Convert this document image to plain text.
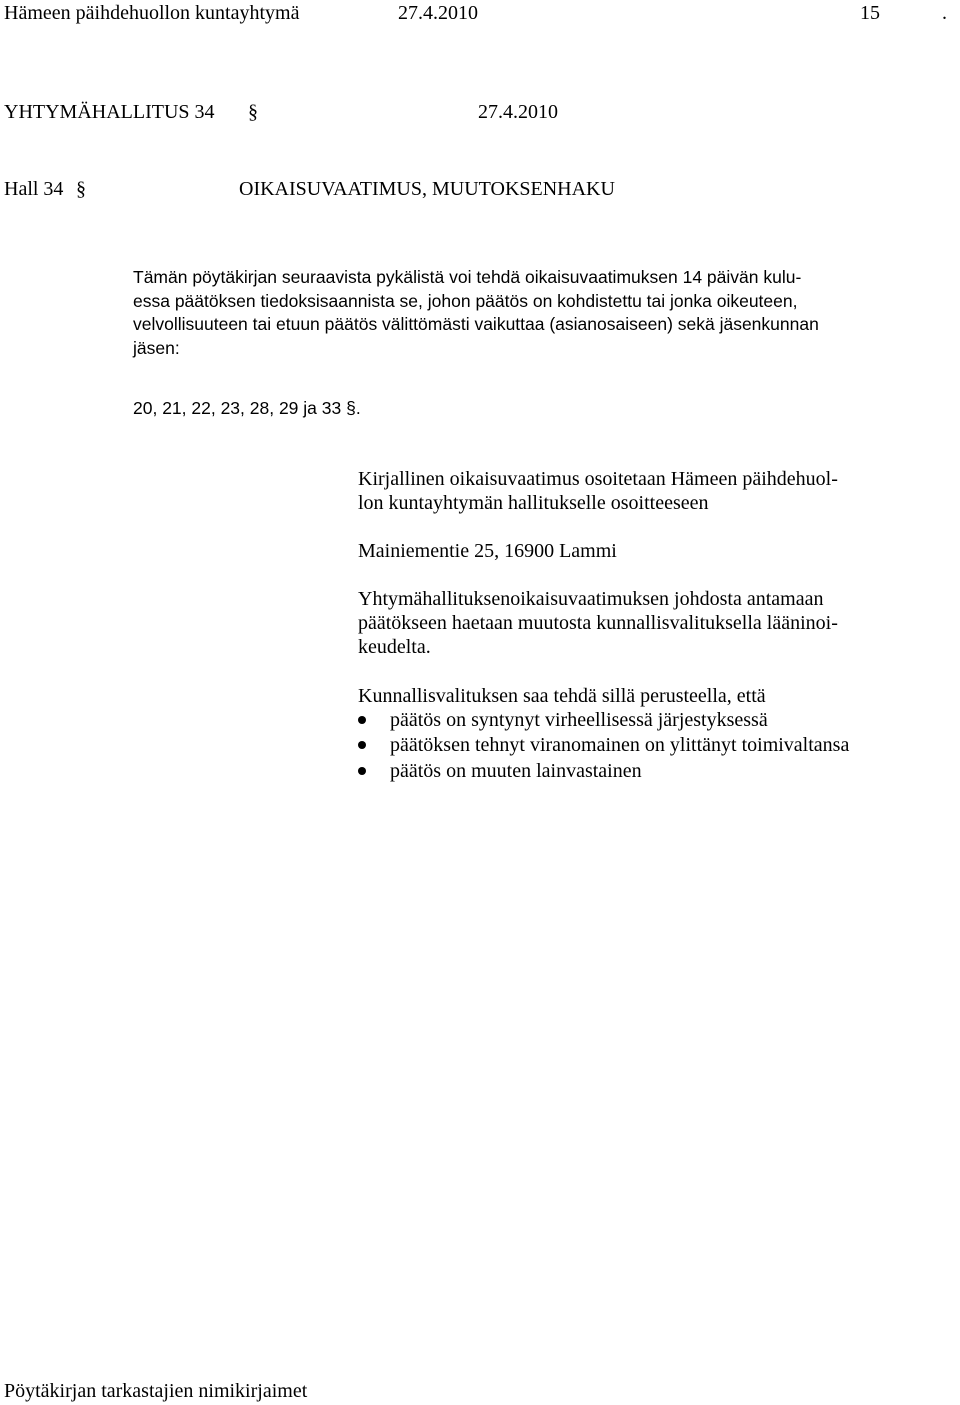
Hämeen päihdehuollon kuntayhtymä	27.4.2010	15	.
YHTYMÄHALLITUS 34 §	27.4.2010
Hall 34 §	OIKAISUVAATIMUS, MUUTOKSENHAKU
Tämän pöytäkirjan seuraavista pykälistä voi tehdä oikaisuvaatimuksen 14 päivän kulu-
essa päätöksen tiedoksisaannista se, johon päätös on kohdistettu tai jonka oikeuteen,
velvollisuuteen tai etuun päätös välittömästi vaikuttaa (asianosaiseen) sekä jäsenkunnan
jäsen:
20, 21, 22, 23, 28, 29 ja 33 §.
Kirjallinen oikaisuvaatimus osoitetaan Hämeen päihdehuol-
lon kuntayhtymän hallitukselle osoitteeseen
Mainiementie 25, 16900 Lammi
Yhtymähallituksenoikaisuvaatimuksen johdosta antamaan
päätökseen haetaan muutosta kunnallisvalituksella lääninoi-
keudelta.
Kunnallisvalituksen saa tehdä sillä perusteella, että
päätös on syntynyt virheellisessä järjestyksessä
päätöksen tehnyt viranomainen on ylittänyt toimivaltansa
päätös on muuten lainvastainen
Pöytäkirjan tarkastajien nimikirjaimet
